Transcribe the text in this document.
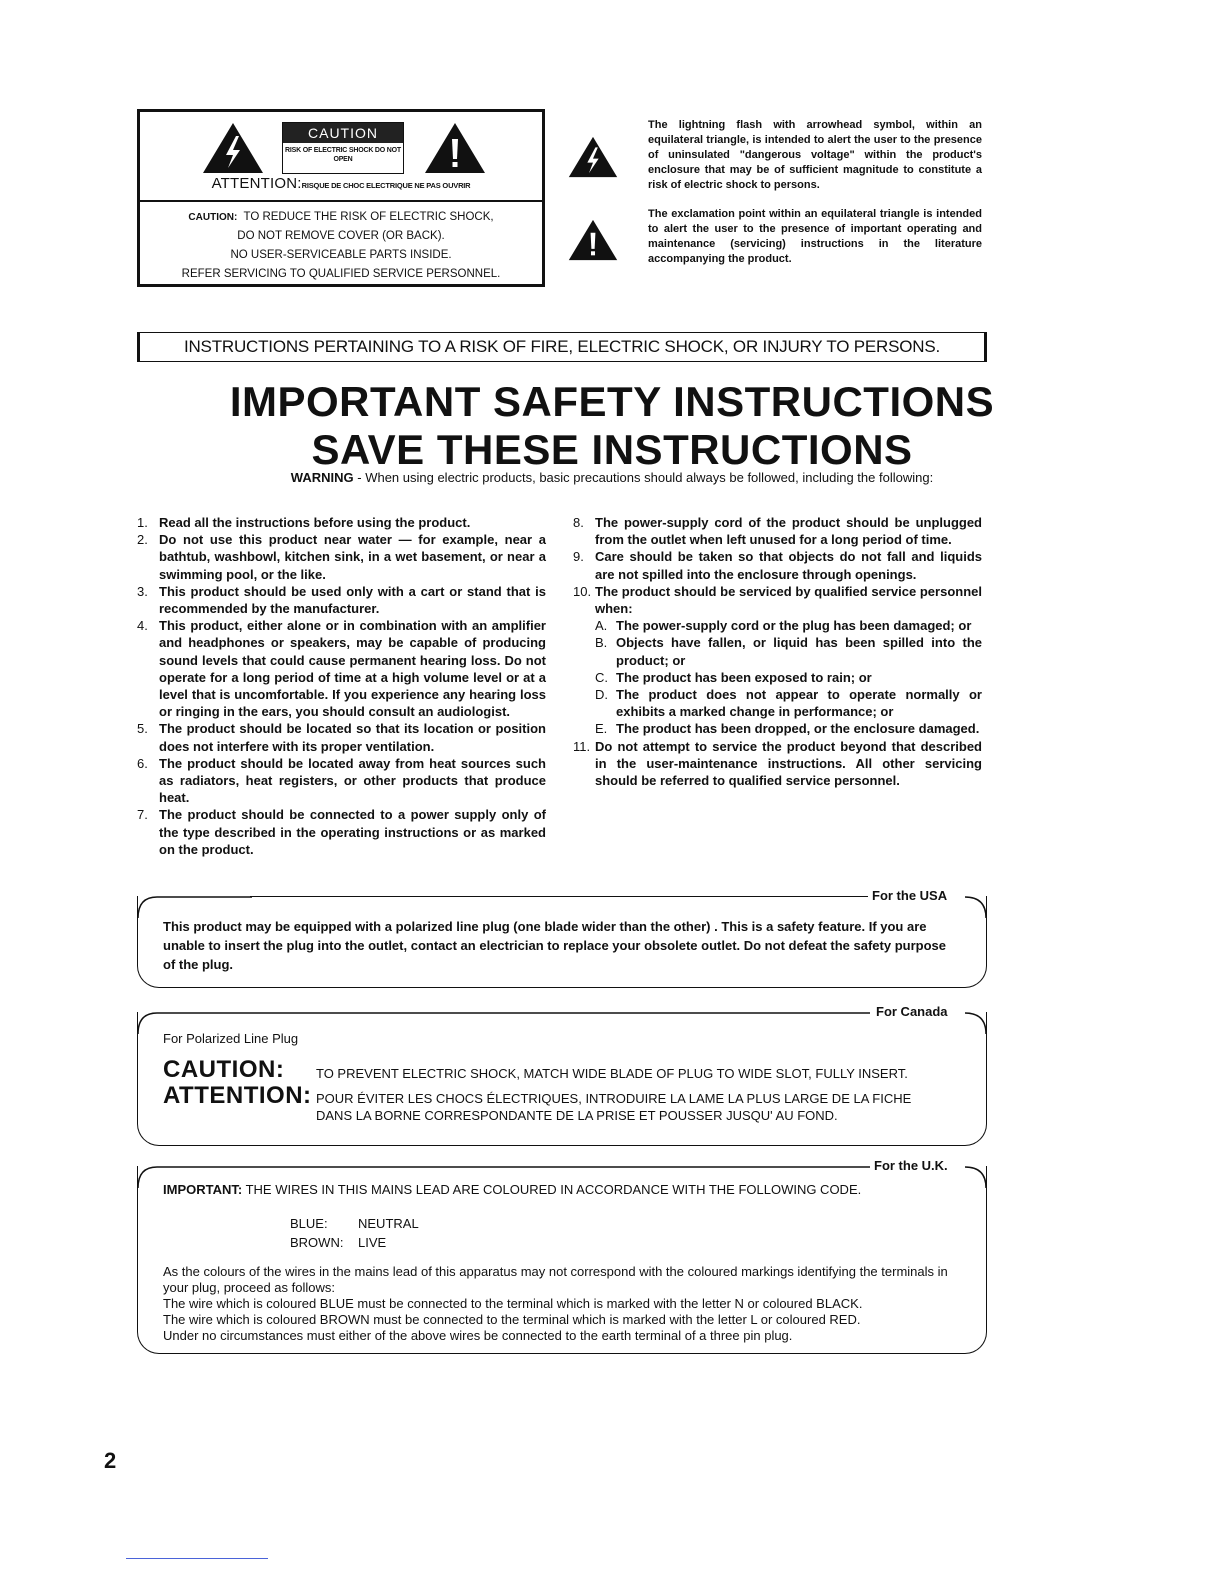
CAUTION
RISK OF ELECTRIC SHOCK DO NOT OPEN
ATTENTION:RISQUE DE CHOC ELECTRIQUE NE PAS OUVRIR
CAUTION: TO REDUCE THE RISK OF ELECTRIC SHOCK,
DO NOT REMOVE COVER (OR BACK).
NO USER-SERVICEABLE PARTS INSIDE.
REFER SERVICING TO QUALIFIED SERVICE PERSONNEL.
The lightning flash with arrowhead symbol, within an equilateral triangle, is intended to alert the user to the presence of uninsulated "dangerous voltage" within the product's enclosure that may be of sufficient magnitude to constitute a risk of electric shock to persons.
The exclamation point within an equilateral triangle is intended to alert the user to the presence of important operating and maintenance (servicing) instructions in the literature accompanying the product.
INSTRUCTIONS PERTAINING TO A RISK OF FIRE, ELECTRIC SHOCK, OR INJURY TO PERSONS.
IMPORTANT SAFETY INSTRUCTIONS
SAVE THESE INSTRUCTIONS
WARNING - When using electric products, basic precautions should always be followed, including the following:
1. Read all the instructions before using the product.
2. Do not use this product near water — for example, near a bathtub, washbowl, kitchen sink, in a wet basement, or near a swimming pool, or the like.
3. This product should be used only with a cart or stand that is recommended by the manufacturer.
4. This product, either alone or in combination with an amplifier and headphones or speakers, may be capable of producing sound levels that could cause permanent hearing loss. Do not operate for a long period of time at a high volume level or at a level that is uncomfortable. If you experience any hearing loss or ringing in the ears, you should consult an audiologist.
5. The product should be located so that its location or position does not interfere with its proper ventilation.
6. The product should be located away from heat sources such as radiators, heat registers, or other products that produce heat.
7. The product should be connected to a power supply only of the type described in the operating instructions or as marked on the product.
8. The power-supply cord of the product should be unplugged from the outlet when left unused for a long period of time.
9. Care should be taken so that objects do not fall and liquids are not spilled into the enclosure through openings.
10. The product should be serviced by qualified service personnel when:
A. The power-supply cord or the plug has been damaged; or
B. Objects have fallen, or liquid has been spilled into the product; or
C. The product has been exposed to rain; or
D. The product does not appear to operate normally or exhibits a marked change in performance; or
E. The product has been dropped, or the enclosure damaged.
11. Do not attempt to service the product beyond that described in the user-maintenance instructions. All other servicing should be referred to qualified service personnel.
For the USA
This product may be equipped with a polarized line plug (one blade wider than the other) . This is a safety feature. If you are unable to insert the plug into the outlet, contact an electrician to replace your obsolete outlet. Do not defeat the safety purpose of the plug.
For Canada
For Polarized Line Plug
CAUTION: TO PREVENT ELECTRIC SHOCK, MATCH WIDE BLADE OF PLUG TO WIDE SLOT, FULLY INSERT.
ATTENTION: POUR ÉVITER LES CHOCS ÉLECTRIQUES, INTRODUIRE LA LAME LA PLUS LARGE DE LA FICHE
DANS LA BORNE CORRESPONDANTE DE LA PRISE ET POUSSER JUSQU' AU FOND.
For the U.K.
IMPORTANT: THE WIRES IN THIS MAINS LEAD ARE COLOURED IN ACCORDANCE WITH THE FOLLOWING CODE.
BLUE: NEUTRAL
BROWN: LIVE
As the colours of the wires in the mains lead of this apparatus may not correspond with the coloured markings identifying the terminals in your plug, proceed as follows:
The wire which is coloured BLUE must be connected to the terminal which is marked with the letter N or coloured BLACK.
The wire which is coloured BROWN must be connected to the terminal which is marked with the letter L or coloured RED.
Under no circumstances must either of the above wires be connected to the earth terminal of a three pin plug.
2
